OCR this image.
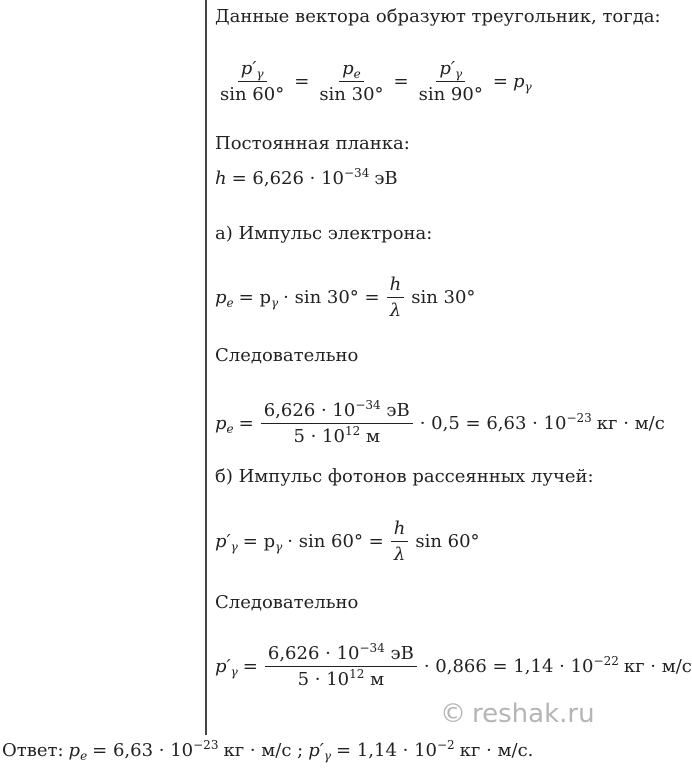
© reshak.ru
Данные вектора образуют треугольник, тогда:
$\frac{p'_\gamma}{\sin 60^\circ} = \frac{p_e}{\sin 30^\circ} = \frac{p'_\gamma}{\sin 90^\circ} = p_\gamma$
Постоянная планка:
$h = 6,626 \cdot 10^{-34}$ эВ
а) Импульс электрона:
$p_e = p_\gamma \cdot \sin 30^\circ = \frac{h}{\lambda}$ sin 30°
Следовательно
$p_e = \frac{6,626 \cdot 10^{-34} эВ}{5 \cdot 10^{12} м} \cdot 0,5 = 6,63 \cdot 10^{-23}$ кг · м/с
б) Импульс фотонов рассеянных лучей:
$p'_\gamma = p_\gamma \cdot \sin 60^\circ = \frac{h}{\lambda}$ sin 60°
Следовательно
$p'_\gamma = \frac{6,626 \cdot 10^{-34} эВ}{5 \cdot 10^{12} м} \cdot 0,866 = 1,14 \cdot 10^{-22}$ кг · м/с
Ответ: $p_e = 6,63 \cdot 10^{-23}$ кг · м/с ; $p'_\gamma = 1,14 \cdot 10^{-2}$ кг · м/с.
